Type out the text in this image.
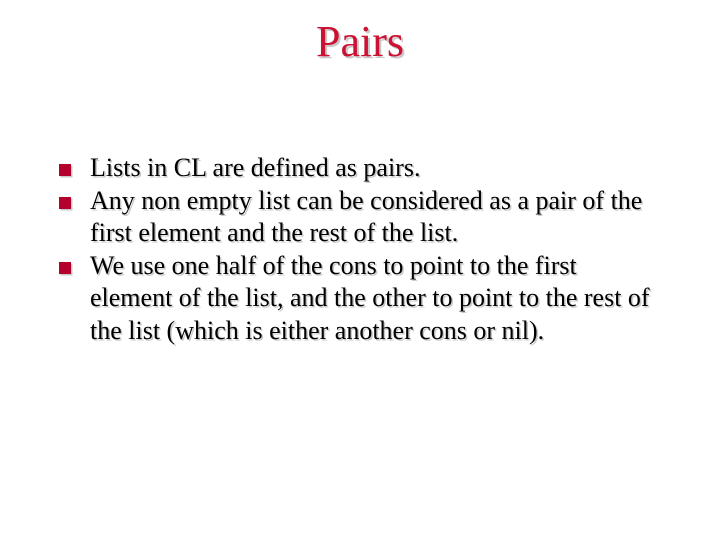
Pairs
Lists in CL are defined as pairs.
Any non empty list can be considered as a pair of the first element and the rest of the list.
We use one half of the cons to point to the first element of the list, and the other to point to the rest of the list (which is either another cons or nil).
